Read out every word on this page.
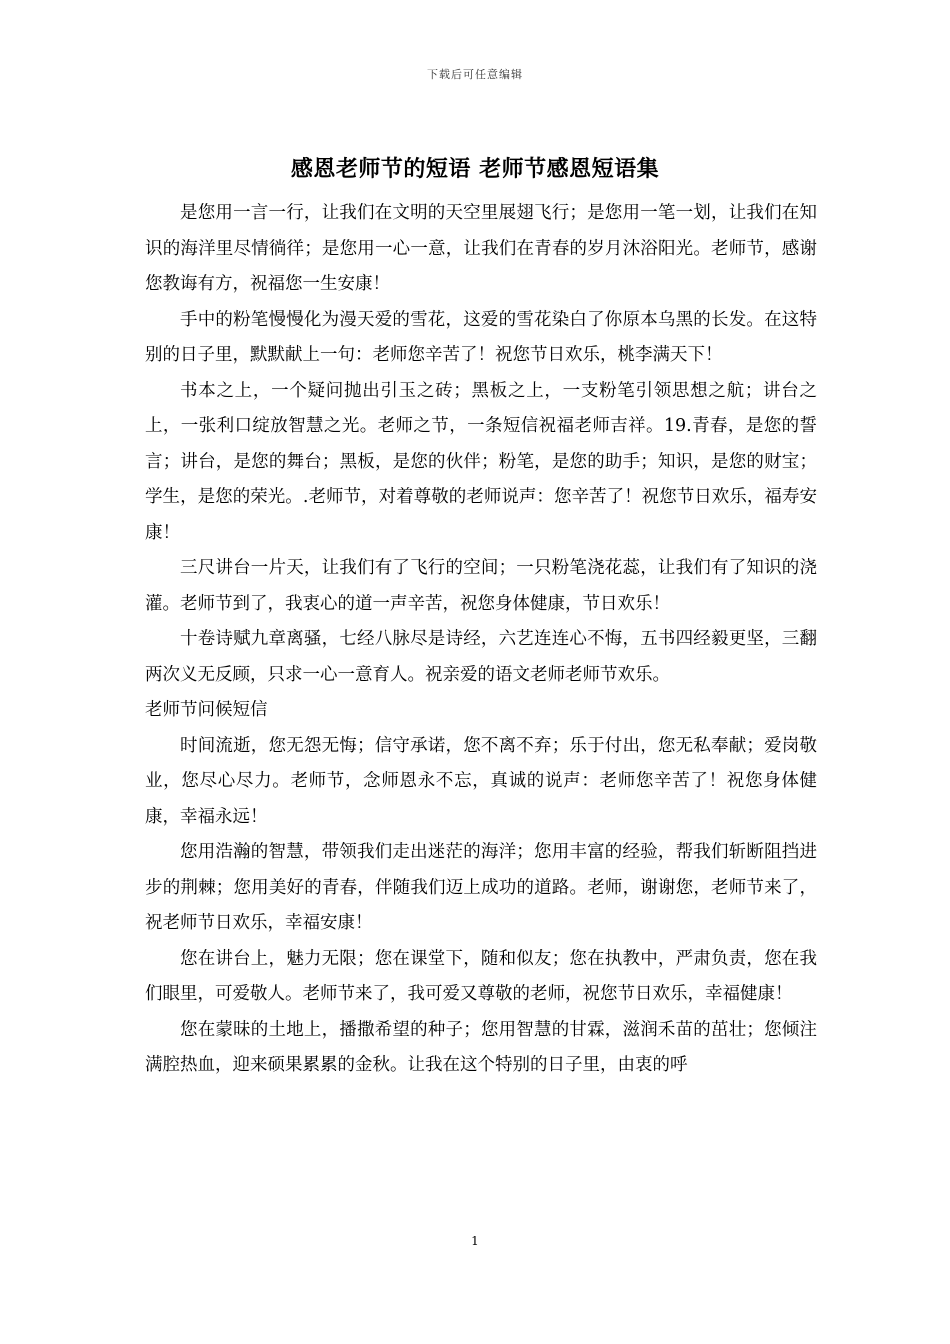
下载后可任意编辑
感恩老师节的短语 老师节感恩短语集

是您用一言一行，让我们在文明的天空里展翅飞行；是您用一笔一划，让我们在知识的海洋里尽情徜徉；是您用一心一意，让我们在青春的岁月沐浴阳光。老师节，感谢您教诲有方，祝福您一生安康！

手中的粉笔慢慢化为漫天爱的雪花，这爱的雪花染白了你原本乌黑的长发。在这特别的日子里，默默献上一句：老师您辛苦了！祝您节日欢乐，桃李满天下！

书本之上，一个疑问抛出引玉之砖；黑板之上，一支粉笔引领思想之航；讲台之上，一张利口绽放智慧之光。老师之节，一条短信祝福老师吉祥。19.青春，是您的誓言；讲台，是您的舞台；黑板，是您的伙伴；粉笔，是您的助手；知识，是您的财宝；学生，是您的荣光。.老师节，对着尊敬的老师说声：您辛苦了！祝您节日欢乐，福寿安康！

三尺讲台一片天，让我们有了飞行的空间；一只粉笔浇花蕊，让我们有了知识的浇灌。老师节到了，我衷心的道一声辛苦，祝您身体健康，节日欢乐！

十卷诗赋九章离骚，七经八脉尽是诗经，六艺连连心不悔，五书四经毅更坚，三翻两次义无反顾，只求一心一意育人。祝亲爱的语文老师老师节欢乐。

老师节问候短信

时间流逝，您无怨无悔；信守承诺，您不离不弃；乐于付出，您无私奉献；爱岗敬业，您尽心尽力。老师节，念师恩永不忘，真诚的说声：老师您辛苦了！祝您身体健康，幸福永远！

您用浩瀚的智慧，带领我们走出迷茫的海洋；您用丰富的经验，帮我们斩断阻挡进步的荆棘；您用美好的青春，伴随我们迈上成功的道路。老师，谢谢您，老师节来了，祝老师节日欢乐，幸福安康！

您在讲台上，魅力无限；您在课堂下，随和似友；您在执教中，严肃负责，您在我们眼里，可爱敬人。老师节来了，我可爱又尊敬的老师，祝您节日欢乐，幸福健康！

您在蒙昧的土地上，播撒希望的种子；您用智慧的甘霖，滋润禾苗的茁壮；您倾注满腔热血，迎来硕果累累的金秋。让我在这个特别的日子里，由衷的呼

1
